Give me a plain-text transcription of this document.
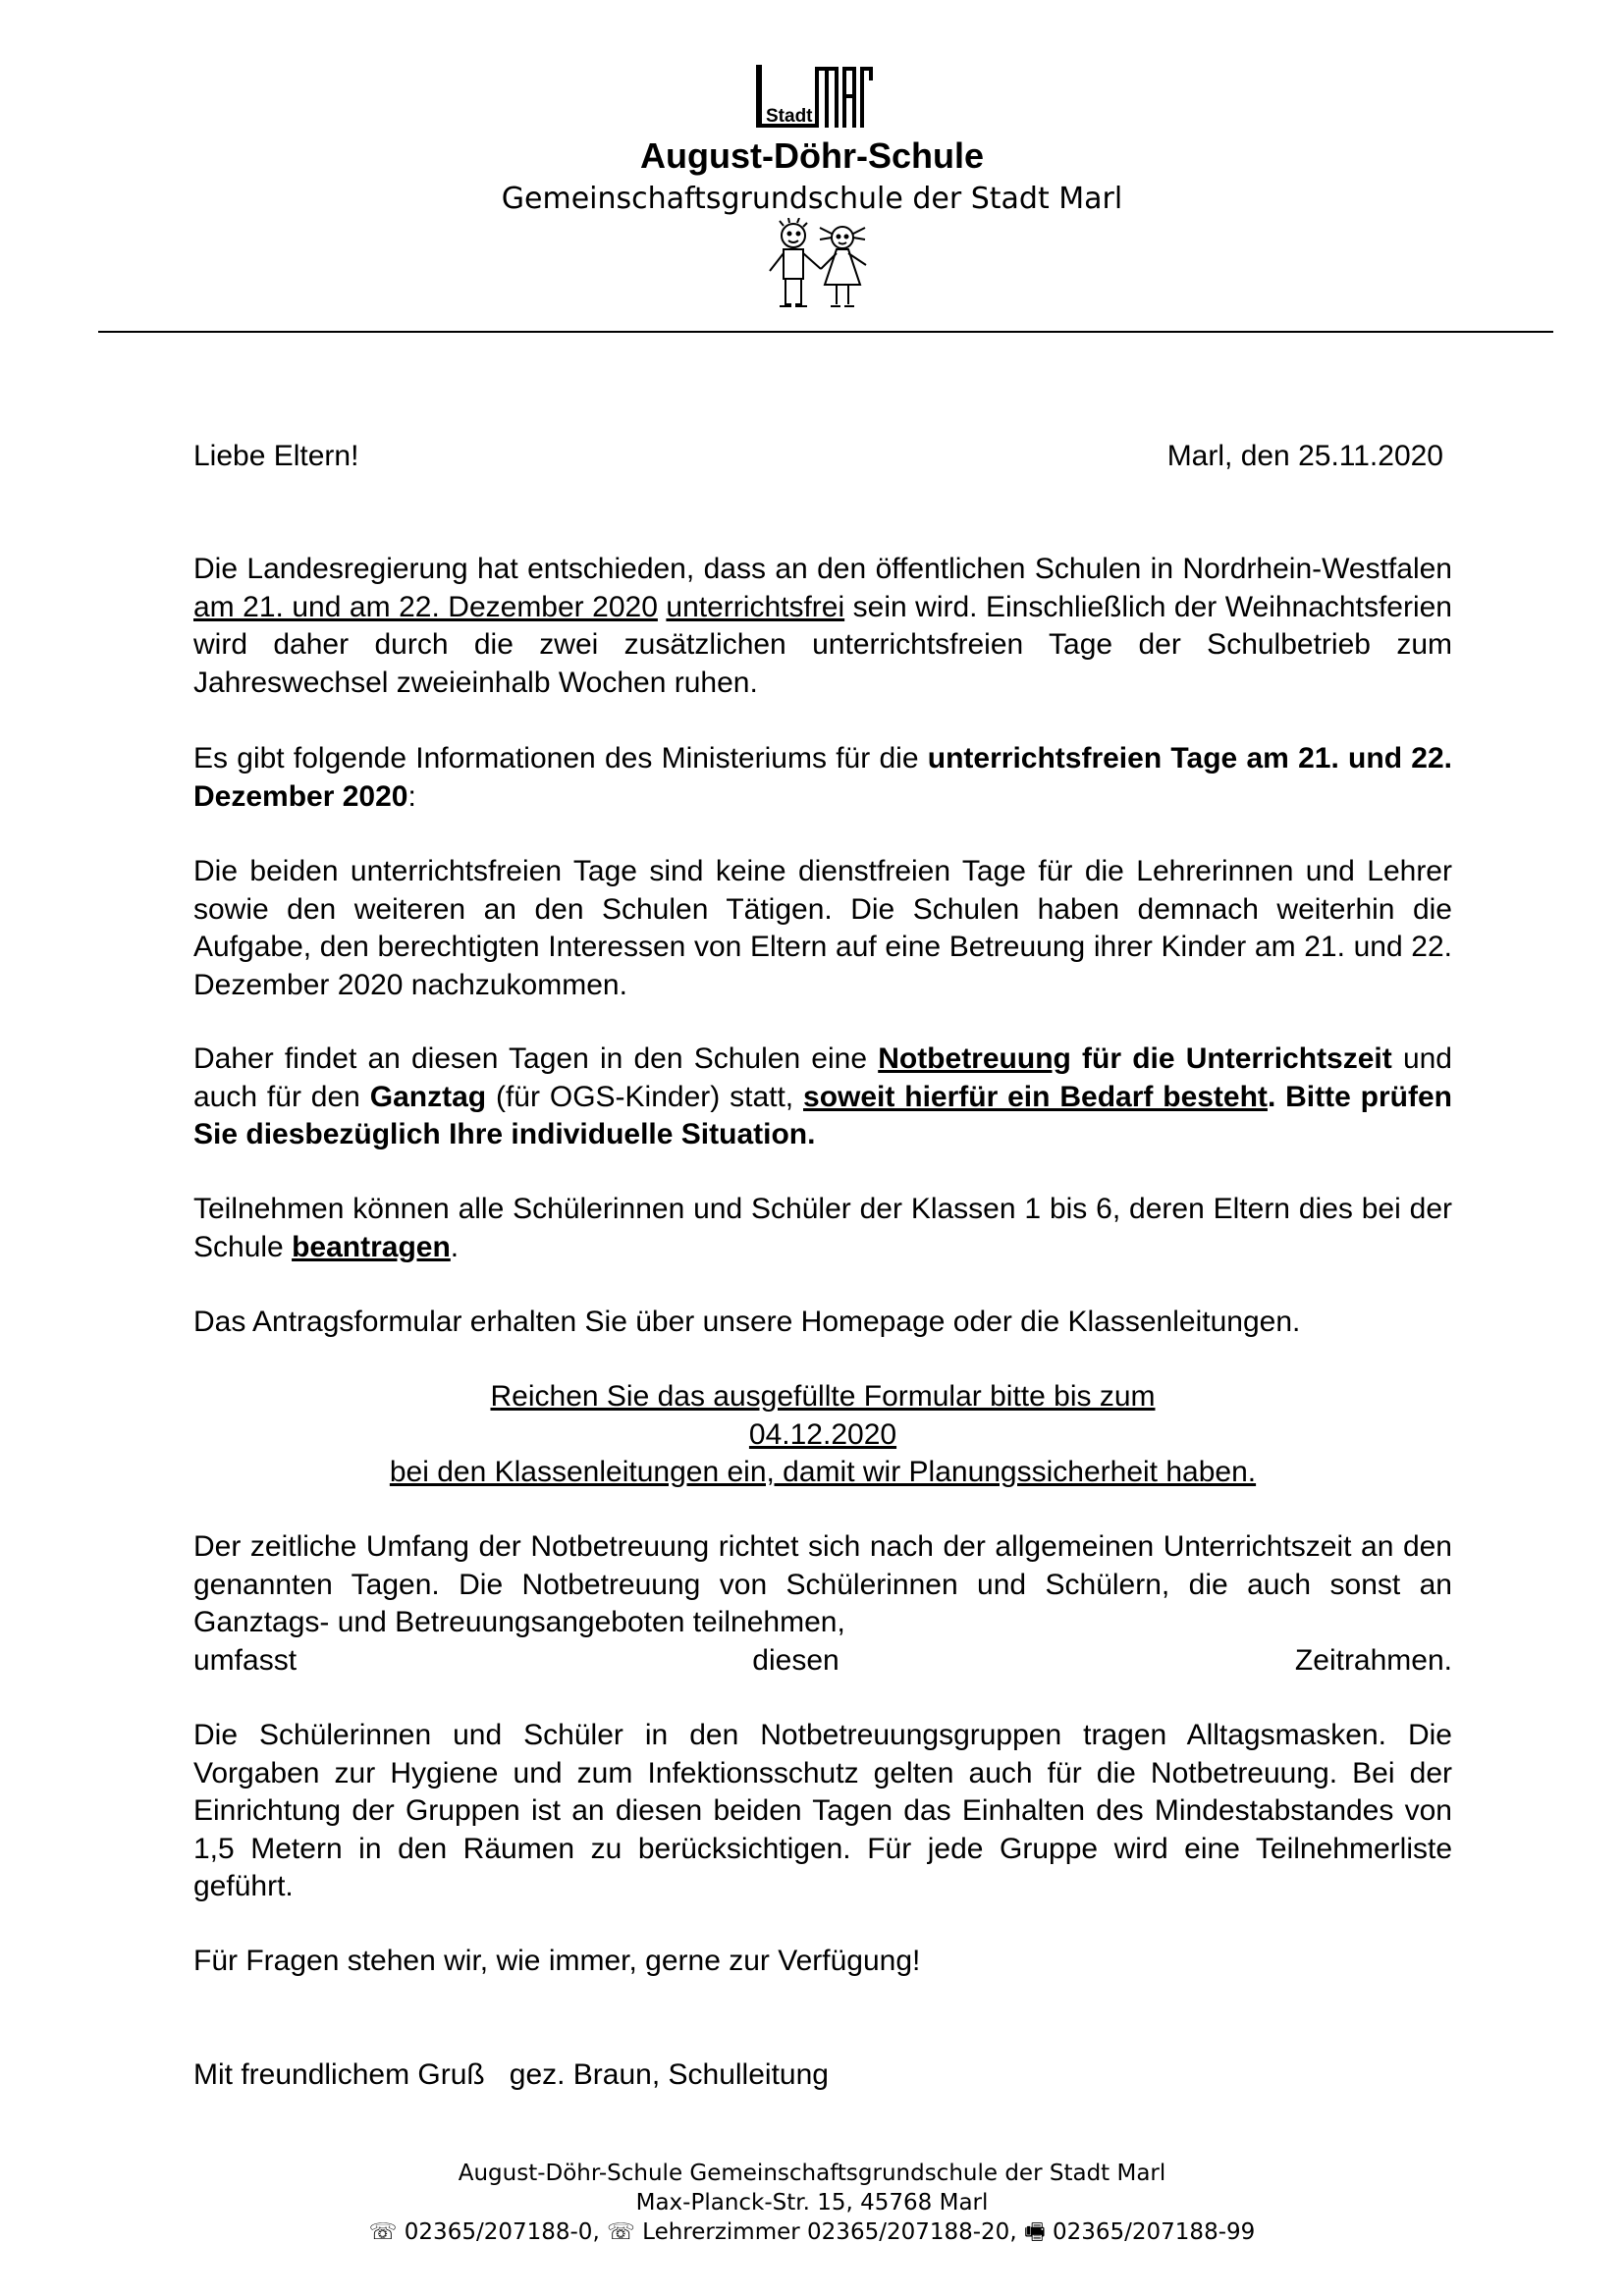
Stadt
August-Döhr-Schule
Gemeinschaftsgrundschule der Stadt Marl
Liebe Eltern!	Marl, den 25.11.2020

Die Landesregierung hat entschieden, dass an den öffentlichen Schulen in Nordrhein-Westfalen am 21. und am 22. Dezember 2020 unterrichtsfrei sein wird. Einschließlich der Weihnachtsferien wird daher durch die zwei zusätzlichen unterrichtsfreien Tage der Schulbetrieb zum Jahreswechsel zweieinhalb Wochen ruhen.

Es gibt folgende Informationen des Ministeriums für die unterrichtsfreien Tage am 21. und 22. Dezember 2020:

Die beiden unterrichtsfreien Tage sind keine dienstfreien Tage für die Lehrerinnen und Lehrer sowie den weiteren an den Schulen Tätigen. Die Schulen haben demnach weiterhin die Aufgabe, den berechtigten Interessen von Eltern auf eine Betreuung ihrer Kinder am 21. und 22. Dezember 2020 nachzukommen.

Daher findet an diesen Tagen in den Schulen eine Notbetreuung für die Unterrichtszeit und auch für den Ganztag (für OGS-Kinder) statt, soweit hierfür ein Bedarf besteht. Bitte prüfen Sie diesbezüglich Ihre individuelle Situation.

Teilnehmen können alle Schülerinnen und Schüler der Klassen 1 bis 6, deren Eltern dies bei der Schule beantragen.

Das Antragsformular erhalten Sie über unsere Homepage oder die Klassenleitungen.

Reichen Sie das ausgefüllte Formular bitte bis zum

04.12.2020

bei den Klassenleitungen ein, damit wir Planungssicherheit haben.

Der zeitliche Umfang der Notbetreuung richtet sich nach der allgemeinen Unterrichtszeit an den genannten Tagen. Die Notbetreuung von Schülerinnen und Schülern, die auch sonst an Ganztags- und Betreuungsangeboten teilnehmen,

umfasst diesen Zeitrahmen.

Die Schülerinnen und Schüler in den Notbetreuungsgruppen tragen Alltagsmasken. Die Vorgaben zur Hygiene und zum Infektionsschutz gelten auch für die Notbetreuung. Bei der Einrichtung der Gruppen ist an diesen beiden Tagen das Einhalten des Mindestabstandes von 1,5 Metern in den Räumen zu berücksichtigen. Für jede Gruppe wird eine Teilnehmerliste geführt.
Für Fragen stehen wir, wie immer, gerne zur Verfügung!
Mit freundlichem Gruß   gez. Braun, Schulleitung
August-Döhr-Schule Gemeinschaftsgrundschule der Stadt Marl
Max-Planck-Str. 15, 45768 Marl
☏ 02365/207188-0, ☏ Lehrerzimmer 02365/207188-20, 🖷 02365/207188-99
